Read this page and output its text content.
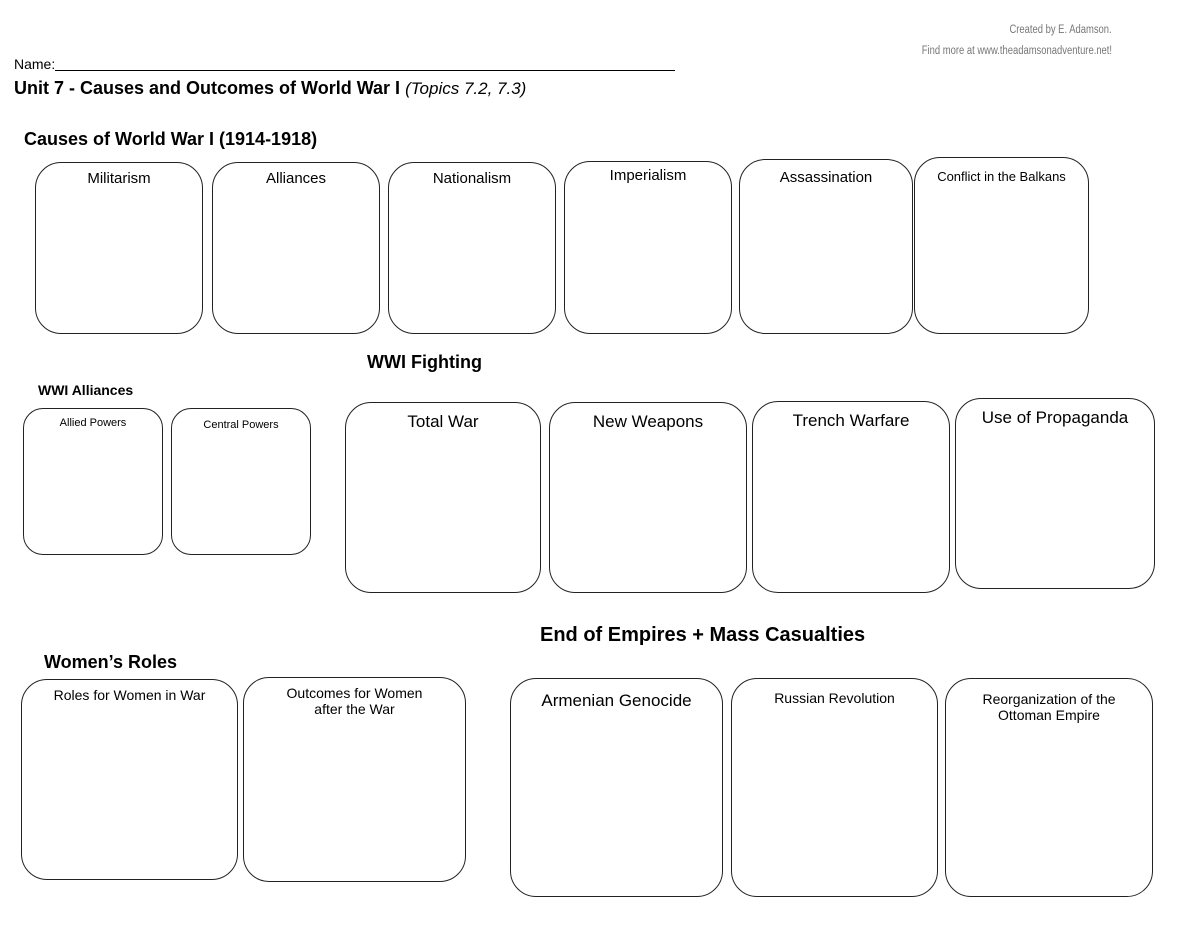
Created by E. Adamson.
Find more at www.theadamsonadventure.net!
Name:
Unit 7 - Causes and Outcomes of World War I (Topics 7.2, 7.3)
Causes of World War I (1914-1918)
Militarism	Alliances	Nationalism	Imperialism	Assassination	Conflict in the Balkans
WWI Fighting
WWI Alliances
Allied Powers	Central Powers	Total War	New Weapons	Trench Warfare	Use of Propaganda
End of Empires + Mass Casualties
Women’s Roles
Roles for Women in War	Outcomes for Women after the War	Armenian Genocide	Russian Revolution	Reorganization of the Ottoman Empire
